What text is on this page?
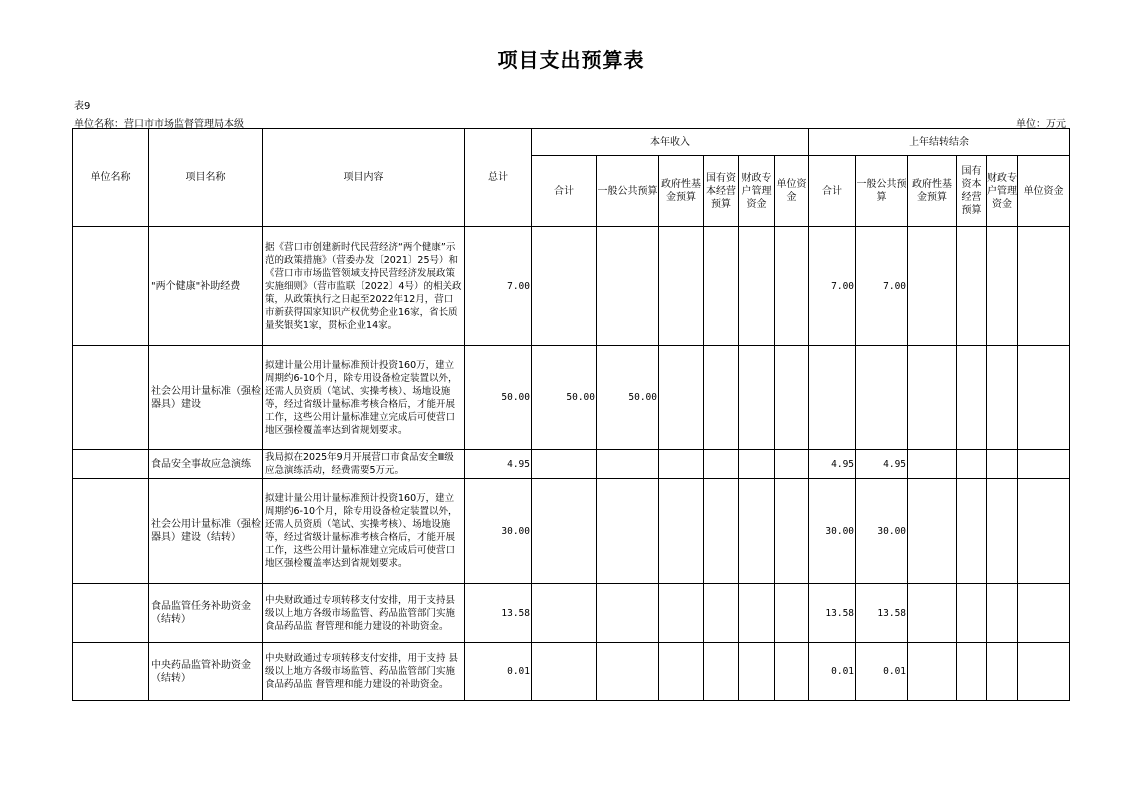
项目支出预算表
表9
单位名称：营口市市场监督管理局本级	单位：万元
单位名称	项目名称	项目内容	总计	本年收入						上年结转结余					
				合计	一般公共预算	政府性基金预算	国有资本经营预算	财政专户管理资金	单位资金	合计	一般公共预算	政府性基金预算	国有资本经营预算	财政专户管理资金	单位资金
	"两个健康"补助经费	据《营口市创建新时代民营经济“两个健康”示范的政策措施》（营委办发〔2021〕25号）和《营口市市场监管领域支持民营经济发展政策实施细则》（营市监联〔2022〕4号）的相关政策，从政策执行之日起至2022年12月，营口市新获得国家知识产权优势企业16家，省长质量奖银奖1家，贯标企业14家。	7.00							7.00	7.00				
	社会公用计量标准（强检器具）建设	拟建计量公用计量标准预计投资160万，建立周期约6-10个月，除专用设备检定装置以外，还需人员资质（笔试、实操考核）、场地设施等，经过省级计量标准考核合格后，才能开展工作，这些公用计量标准建立完成后可使营口地区强检覆盖率达到省规划要求。	50.00	50.00	50.00										
	食品安全事故应急演练	我局拟在2025年9月开展营口市食品安全Ⅲ级应急演练活动，经费需要5万元。	4.95							4.95	4.95				
	社会公用计量标准（强检器具）建设（结转）	拟建计量公用计量标准预计投资160万，建立周期约6-10个月，除专用设备检定装置以外，还需人员资质（笔试、实操考核）、场地设施等，经过省级计量标准考核合格后，才能开展工作，这些公用计量标准建立完成后可使营口地区强检覆盖率达到省规划要求。	30.00							30.00	30.00				
	食品监管任务补助资金（结转）	中央财政通过专项转移支付安排，用于支持县级以上地方各级市场监管、药品监管部门实施食品药品监 督管理和能力建设的补助资金。	13.58							13.58	13.58				
	中央药品监管补助资金（结转）	中央财政通过专项转移支付安排，用于支持 县级以上地方各级市场监管、药品监管部门实施食品药品监 督管理和能力建设的补助资金。	0.01							0.01	0.01				
